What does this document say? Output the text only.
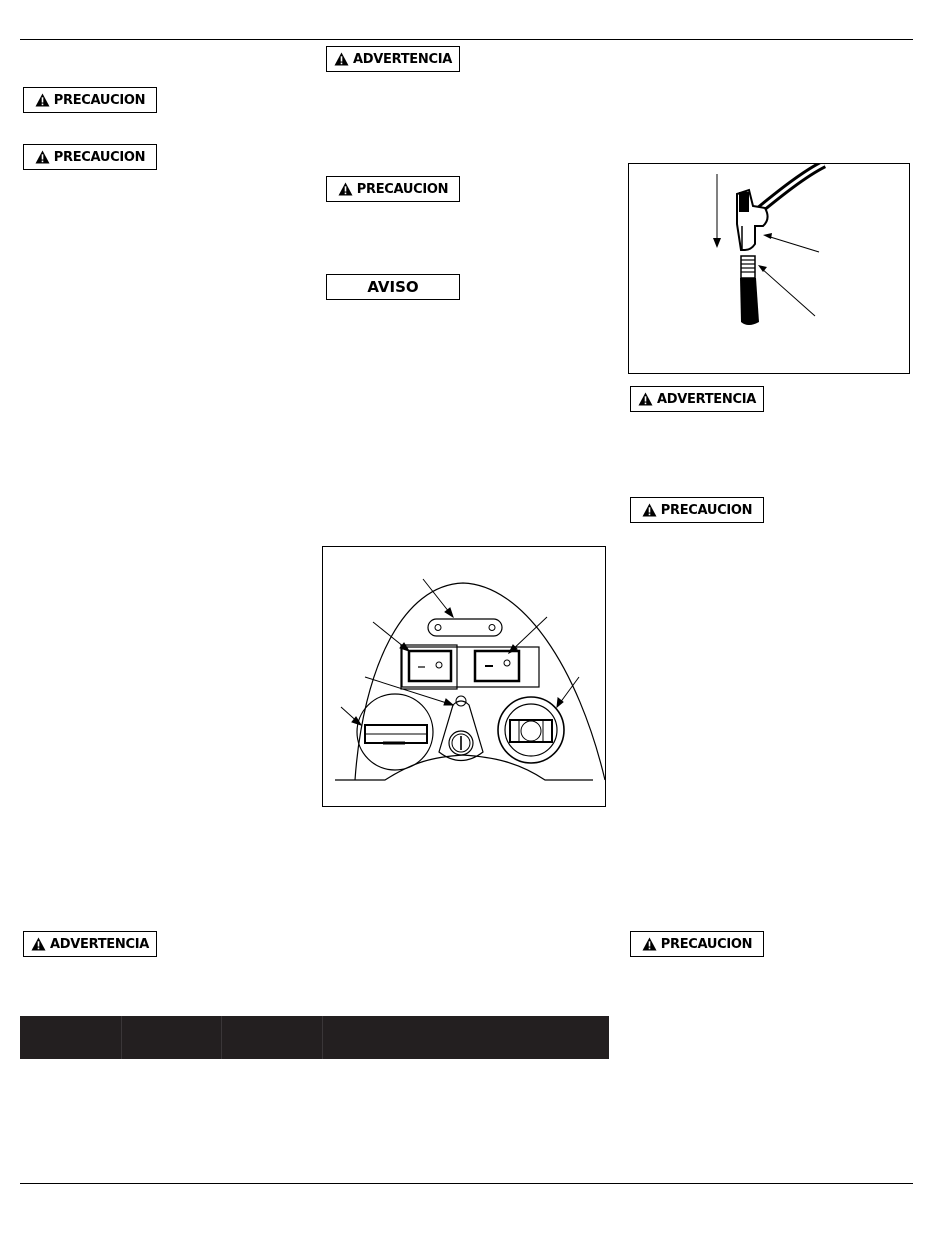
PRECAUCION
PRECAUCION
ADVERTENCIA
ADVERTENCIA
PRECAUCION
AVISO
ADVERTENCIA
PRECAUCION
PRECAUCION
